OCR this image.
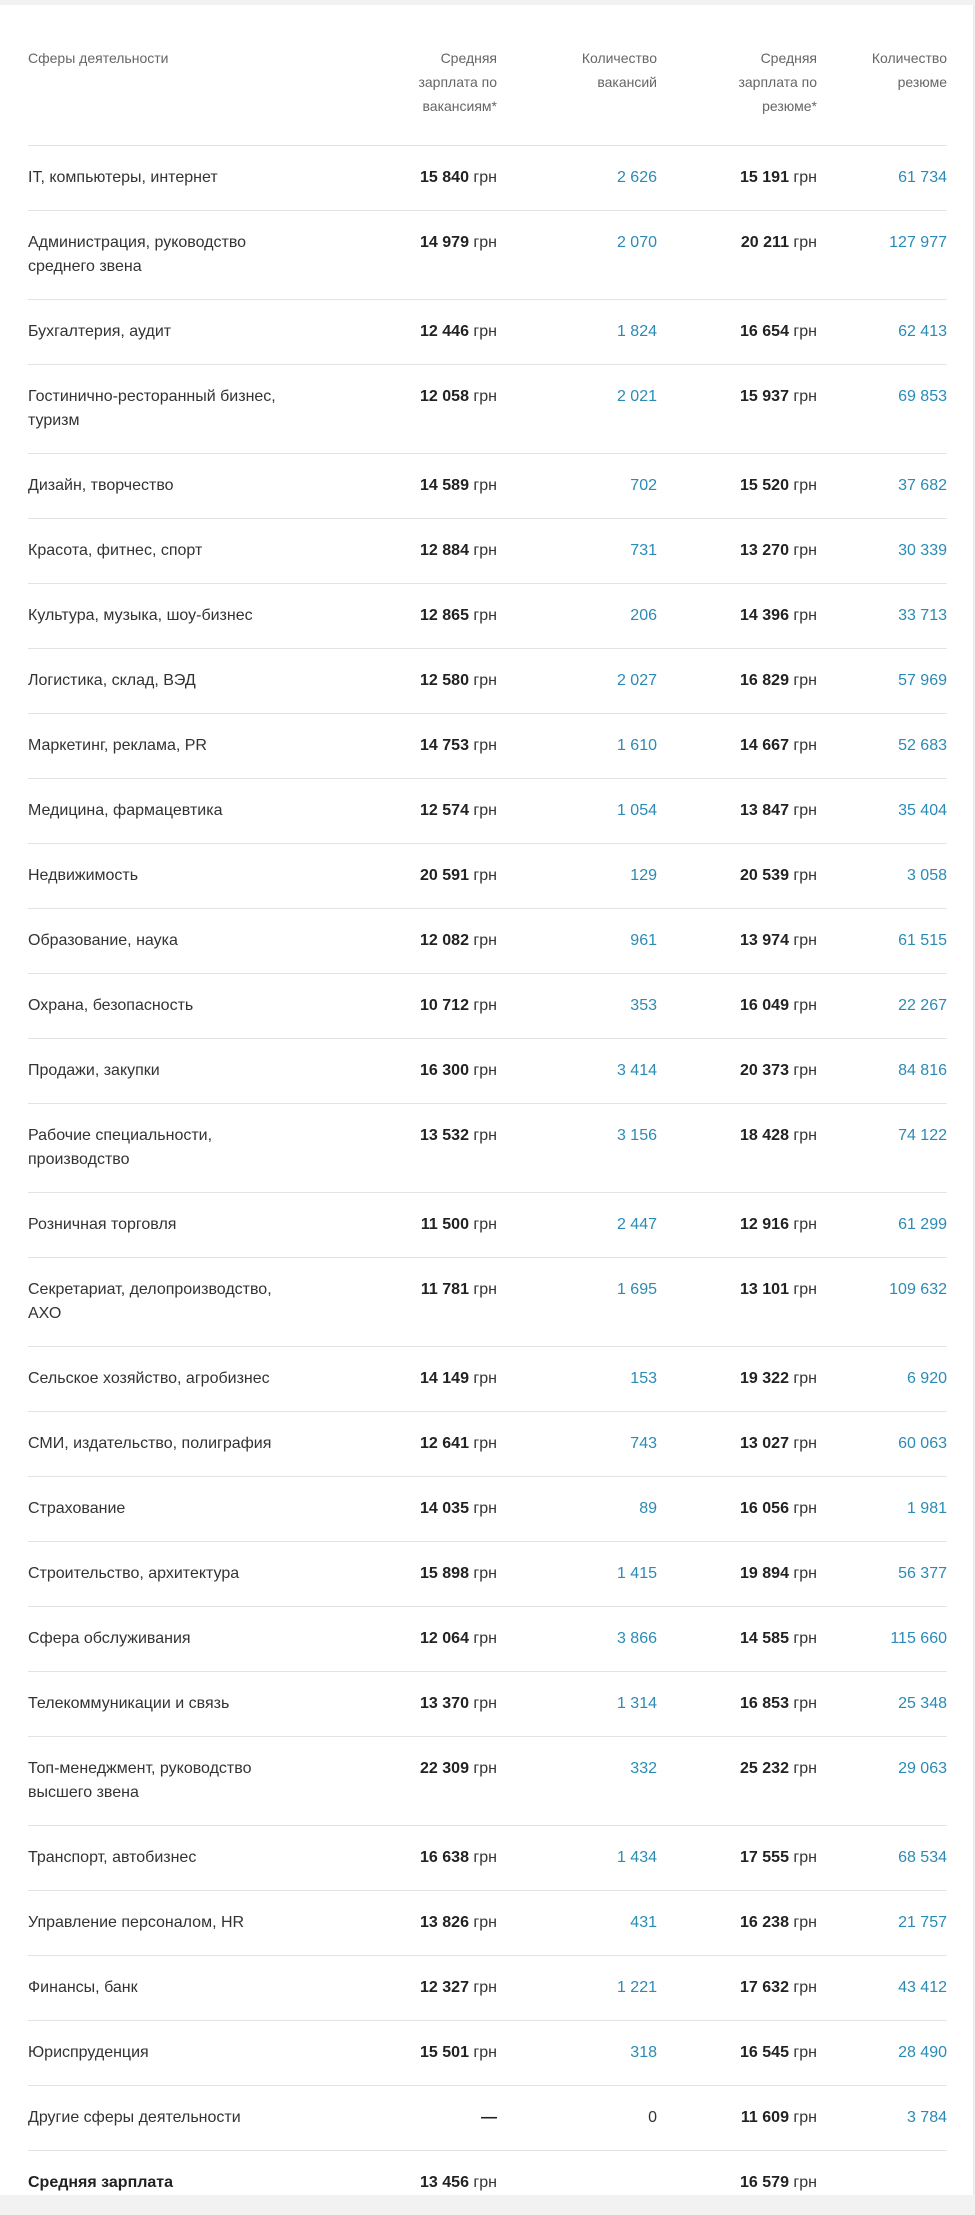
Сферы деятельности	Средняя
зарплата по
вакансиям*	Количество
вакансий	Средняя
зарплата по
резюме*	Количество
резюме
IT, компьютеры, интернет	15 840 грн	2 626	15 191 грн	61 734
Администрация, руководство
среднего звена	14 979 грн	2 070	20 211 грн	127 977
Бухгалтерия, аудит	12 446 грн	1 824	16 654 грн	62 413
Гостинично-ресторанный бизнес,
туризм	12 058 грн	2 021	15 937 грн	69 853
Дизайн, творчество	14 589 грн	702	15 520 грн	37 682
Красота, фитнес, спорт	12 884 грн	731	13 270 грн	30 339
Культура, музыка, шоу-бизнес	12 865 грн	206	14 396 грн	33 713
Логистика, склад, ВЭД	12 580 грн	2 027	16 829 грн	57 969
Маркетинг, реклама, PR	14 753 грн	1 610	14 667 грн	52 683
Медицина, фармацевтика	12 574 грн	1 054	13 847 грн	35 404
Недвижимость	20 591 грн	129	20 539 грн	3 058
Образование, наука	12 082 грн	961	13 974 грн	61 515
Охрана, безопасность	10 712 грн	353	16 049 грн	22 267
Продажи, закупки	16 300 грн	3 414	20 373 грн	84 816
Рабочие специальности,
производство	13 532 грн	3 156	18 428 грн	74 122
Розничная торговля	11 500 грн	2 447	12 916 грн	61 299
Секретариат, делопроизводство,
АХО	11 781 грн	1 695	13 101 грн	109 632
Сельское хозяйство, агробизнес	14 149 грн	153	19 322 грн	6 920
СМИ, издательство, полиграфия	12 641 грн	743	13 027 грн	60 063
Страхование	14 035 грн	89	16 056 грн	1 981
Строительство, архитектура	15 898 грн	1 415	19 894 грн	56 377
Сфера обслуживания	12 064 грн	3 866	14 585 грн	115 660
Телекоммуникации и связь	13 370 грн	1 314	16 853 грн	25 348
Топ-менеджмент, руководство
высшего звена	22 309 грн	332	25 232 грн	29 063
Транспорт, автобизнес	16 638 грн	1 434	17 555 грн	68 534
Управление персоналом, HR	13 826 грн	431	16 238 грн	21 757
Финансы, банк	12 327 грн	1 221	17 632 грн	43 412
Юриспруденция	15 501 грн	318	16 545 грн	28 490
Другие сферы деятельности	—	0	11 609 грн	3 784
Средняя зарплата	13 456 грн		16 579 грн	
